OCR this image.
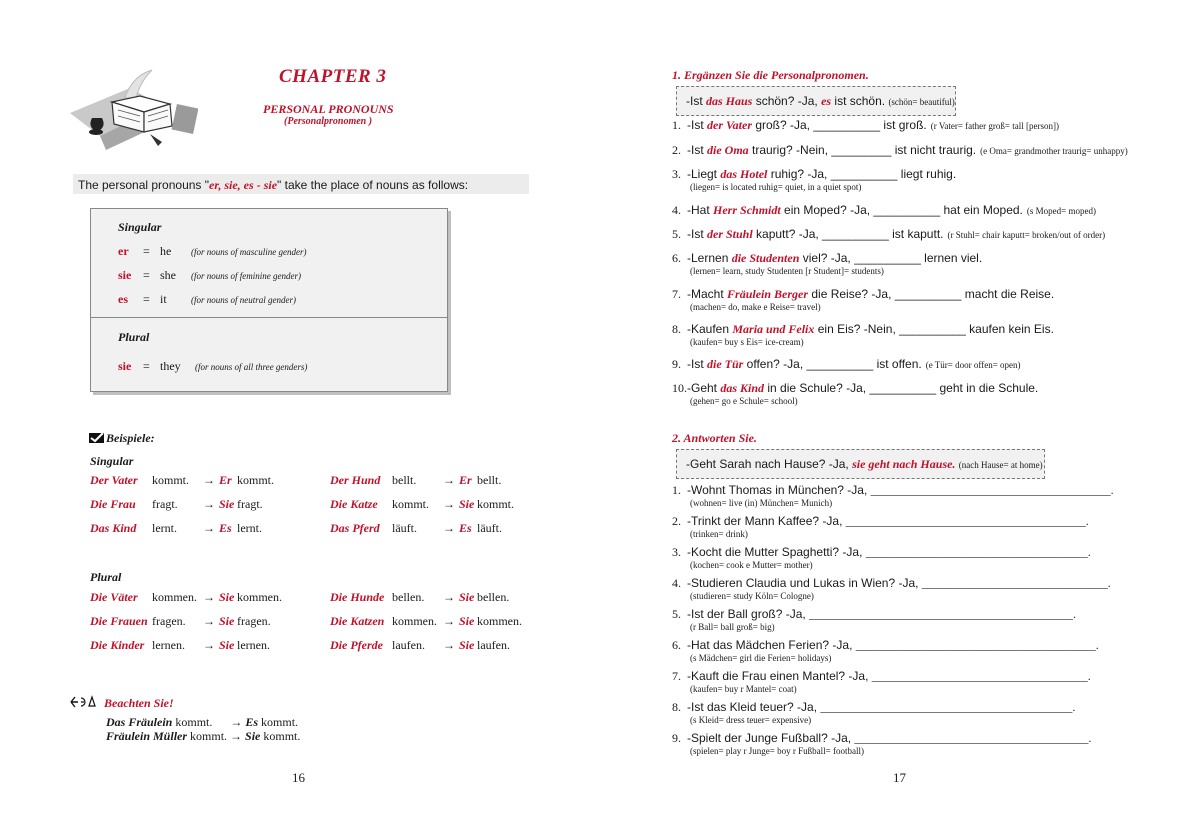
CHAPTER 3
PERSONAL PRONOUNS
(Personalpronomen )
The personal pronouns "er, sie, es - sie" take the place of nouns as follows:
Singular
er = he (for nouns of masculine gender)
sie = she (for nouns of feminine gender)
es = it	(for nouns of neutral gender)
Plural
sie = they (for nouns of all three genders)
Beispiele:
Singular
Plural
Der Vater kommt. → Er kommt.	Der Hund bellt. → Er bellt.
Die Frau fragt. → Sie fragt.	Die Katze kommt. → Sie kommt.
Das Kind lernt. → Es lernt.	Das Pferd läuft. → Es läuft.
Die Väter kommen. → Sie kommen.	Die Hunde bellen. → Sie bellen.
Die Frauen fragen. → Sie fragen.	Die Katzen kommen. → Sie kommen.
Die Kinder lernen. → Sie lernen.	Die Pferde laufen. → Sie laufen.
Beachten Sie!
Das Fräulein kommt. → Es kommt.
Fräulein Müller kommt. → Sie kommt.
16
1. Ergänzen Sie die Personalpronomen.
-Ist das Haus schön? -Ja, es ist schön. (schön= beautiful)
1. -Ist der Vater groß? -Ja, __________ ist groß. (r Vater= father groß= tall [person])
2. -Ist die Oma traurig? -Nein, _________ ist nicht traurig. (e Oma= grandmother traurig= unhappy)
3. -Liegt das Hotel ruhig? -Ja, __________ liegt ruhig.
(liegen= is located ruhig= quiet, in a quiet spot)
4. -Hat Herr Schmidt ein Moped? -Ja, __________ hat ein Moped. (s Moped= moped)
5. -Ist der Stuhl kaputt? -Ja, __________ ist kaputt. (r Stuhl= chair kaputt= broken/out of order)
6. -Lernen die Studenten viel? -Ja, __________ lernen viel.
(lernen= learn, study Studenten [r Student]= students)
7. -Macht Fräulein Berger die Reise? -Ja, __________ macht die Reise.
(machen= do, make e Reise= travel)
8. -Kaufen Maria und Felix ein Eis? -Nein, __________ kaufen kein Eis.
(kaufen= buy s Eis= ice-cream)
9. -Ist die Tür offen? -Ja, __________ ist offen. (e Tür= door offen= open)
10.-Geht das Kind in die Schule? -Ja, __________ geht in die Schule.
(gehen= go e Schule= school)
2. Antworten Sie.
-Geht Sarah nach Hause? -Ja, sie geht nach Hause. (nach Hause= at home)
1. -Wohnt Thomas in München? -Ja, ________________________________________.
(wohnen= live (in) München= Munich)
2. -Trinkt der Mann Kaffee? -Ja, ________________________________________.
(trinken= drink)
3. -Kocht die Mutter Spaghetti? -Ja, _____________________________________.
(kochen= cook e Mutter= mother)
4. -Studieren Claudia und Lukas in Wien? -Ja, _______________________________.
(studieren= study Köln= Cologne)
5. -Ist der Ball groß? -Ja, ____________________________________________.
(r Ball= ball groß= big)
6. -Hat das Mädchen Ferien? -Ja, ________________________________________.
(s Mädchen= girl die Ferien= holidays)
7. -Kauft die Frau einen Mantel? -Ja, ____________________________________.
(kaufen= buy r Mantel= coat)
8. -Ist das Kleid teuer? -Ja, __________________________________________.
(s Kleid= dress teuer= expensive)
9. -Spielt der Junge Fußball? -Ja, _______________________________________.
(spielen= play r Junge= boy r Fußball= football)
17
